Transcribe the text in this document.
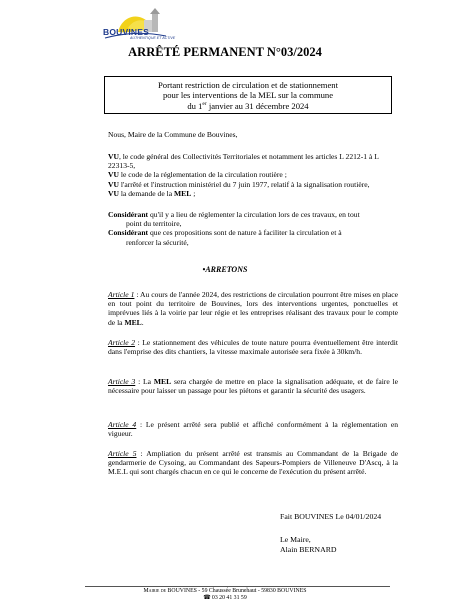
BOUVINES
AUTHENTIQUE ET ACTIVE
ARRÊTÉ PERMANENT N°03/2024
Portant restriction de circulation et de stationnement
pour les interventions de la MEL sur la commune
du 1er janvier au 31 décembre 2024
Nous, Maire de la Commune de Bouvines,

VU, le code général des Collectivités Territoriales et notamment les articles L 2212-1 à L 22313-5,

VU le code de la réglementation de la circulation routière ;

VU l'arrêté et l'instruction ministériel du 7 juin 1977, relatif à la signalisation routière,

VU la demande de la MEL ;

Considérant qu'il y a lieu de réglementer la circulation lors de ces travaux, en tout

point du territoire,

Considérant que ces propositions sont de nature à faciliter la circulation et à

renforcer la sécurité,

•ARRETONS
Article 1 : Au cours de l'année 2024, des restrictions de circulation pourront être mises en place en tout point du territoire de Bouvines, lors des interventions urgentes, ponctuelles et imprévues liés à la voirie par leur régie et les entreprises réalisant des travaux pour le compte de la MEL.
Article 2 : Le stationnement des véhicules de toute nature pourra éventuellement être interdit dans l'emprise des dits chantiers, la vitesse maximale autorisée sera fixée à 30km/h.
Article 3 : La MEL sera chargée de mettre en place la signalisation adéquate, et de faire le nécessaire pour laisser un passage pour les piétons et garantir la sécurité des usagers.
Article 4 : Le présent arrêté sera publié et affiché conformément à la réglementation en vigueur.
Article 5 : Ampliation du présent arrêté est transmis au Commandant de la Brigade de gendarmerie de Cysoing, au Commandant des Sapeurs-Pompiers de Villeneuve D'Ascq, à la M.E.L qui sont chargés chacun en ce qui le concerne de l'exécution du présent arrêté.
Fait BOUVINES Le 04/01/2024
Le Maire,
Alain BERNARD
Mairie de BOUVINES - 59 Chaussée Brunehaut - 59830 BOUVINES
☎ 03 20 41 31 59
